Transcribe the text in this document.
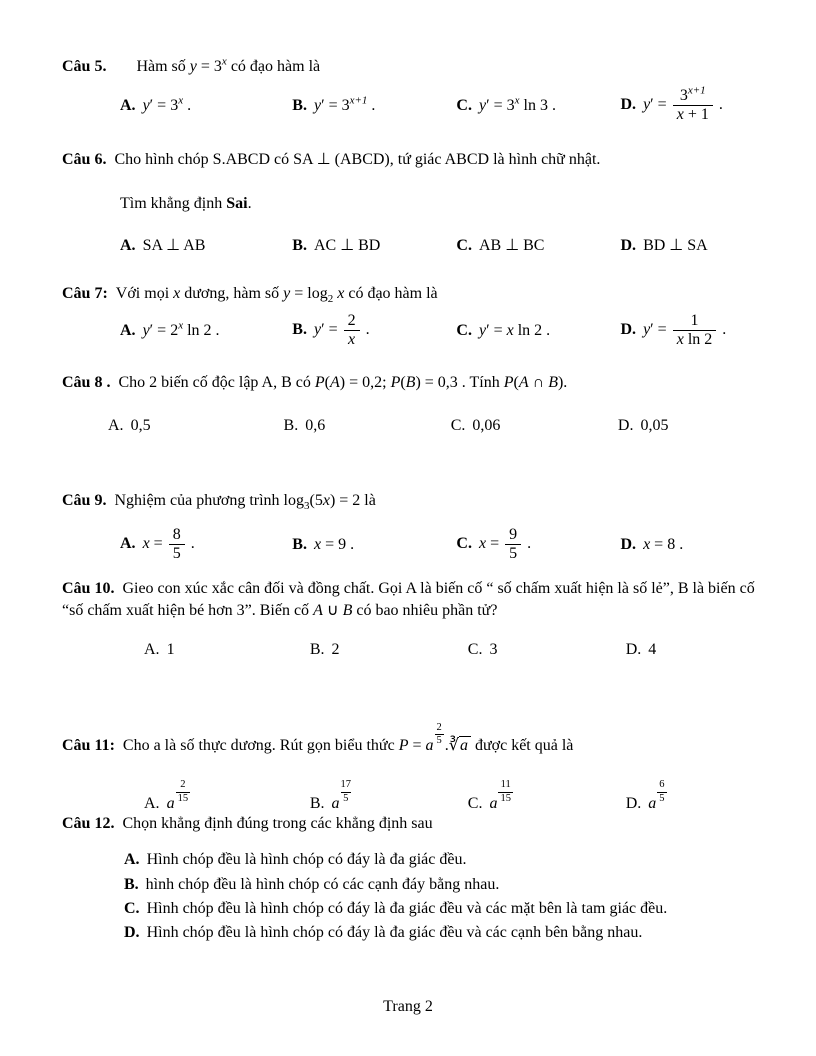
Câu 5. Hàm số $y = 3^x$ có đạo hàm là
A. $y' = 3^x$ .	B. $y' = 3^{x+1}$ .	C. $y' = 3^x$ ln 3 .	D. $y' = \frac{3^{x+1}}{x + 1}$ .
Câu 6. Cho hình chóp S.ABCD có SA ⊥ (ABCD), tứ giác ABCD là hình chữ nhật.
Tìm khẳng định Sai.
A. SA ⊥ AB	B. AC ⊥ BD	C. AB ⊥ BC	D. BD ⊥ SA
Câu 7: Với mọi x dương, hàm số $y = \log_2 x$ có đạo hàm là
A. $y' = 2^x$ ln 2 .	B. $y' = \frac{2}{x}$ .	C. y′ = x ln 2 .	D. $y' = \frac{1}{\text{x ln 2}}$ .
Câu 8 . Cho 2 biến cố độc lập A, B có P(A) = 0,2; P(B) = 0,3 . Tính P(A ∩ B).
A. 0,5	B. 0,6	C. 0,06	D. 0,05
Câu 9. Nghiệm của phương trình $\log_3(5x) = 2$ là
A. $x = \frac{8}{5}$ .	B. x = 9 .	C. $x = \frac{9}{5}$ .	D. x = 8 .
Câu 10. Gieo con xúc xắc cân đối và đồng chất. Gọi A là biến cố “ số chấm xuất hiện là số lẻ”, B là biến cố “số chấm xuất hiện bé hơn 3”. Biến cố A ∪ B có bao nhiêu phần tử?
A. 1	B. 2	C. 3	D. 4
Câu 11: Cho a là số thực dương. Rút gọn biểu thức P = a $\frac{2}{5}$ .∛a được kết quả là
A. a $\frac{2}{15}$	B. a $\frac{17}{5}$	C. a $\frac{11}{15}$	D. a $\frac{6}{5}$
Câu 12. Chọn khẳng định đúng trong các khẳng định sau
A. Hình chóp đều là hình chóp có đáy là đa giác đều.
B. hình chóp đều là hình chóp có các cạnh đáy bằng nhau.
C. Hình chóp đều là hình chóp có đáy là đa giác đều và các mặt bên là tam giác đều.
D. Hình chóp đều là hình chóp có đáy là đa giác đều và các cạnh bên bằng nhau.
Trang 2
